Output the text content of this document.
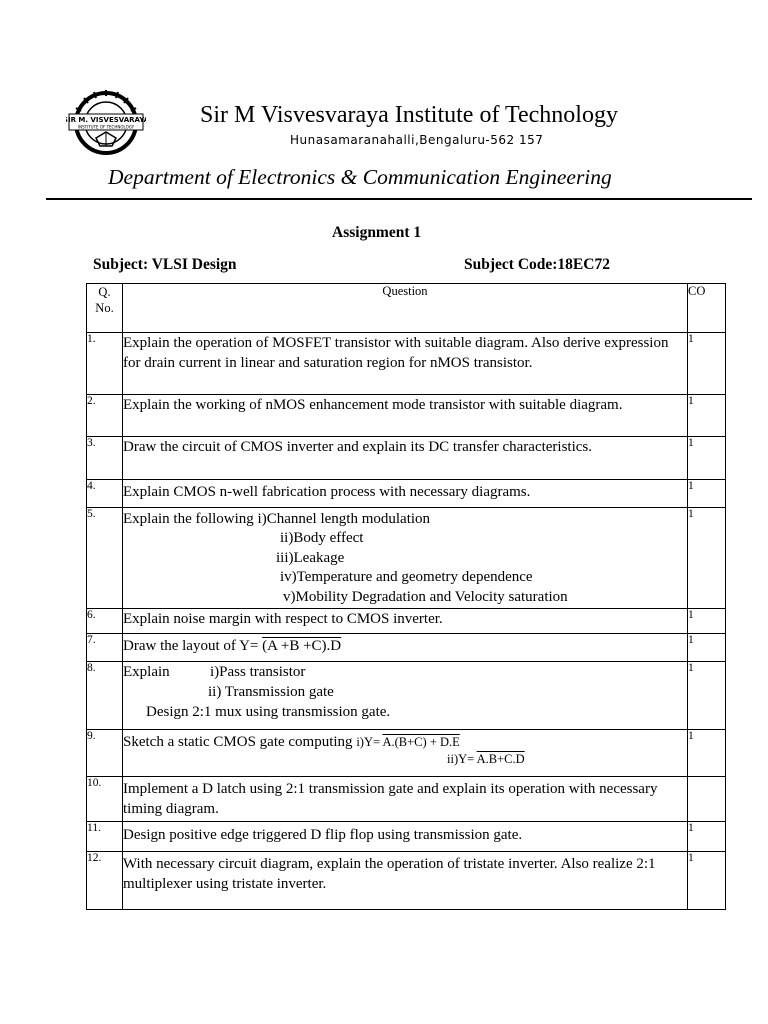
SIR M. VISVESVARAYA
INSTITUTE OF TECHNOLOGY	Sir M Visvesvaraya Institute of Technology
Hunasamaranahalli,Bengaluru-562 157
Department of Electronics & Communication Engineering
Assignment 1
Subject: VLSI Design	Subject Code:18EC72
Q. No.	Question	CO
1.	Explain the operation of MOSFET transistor with suitable diagram. Also derive expression for drain current in linear and saturation region for nMOS transistor.	1
2.	Explain the working of nMOS enhancement mode transistor with suitable diagram.	1
3.	Draw the circuit of CMOS inverter and explain its DC transfer characteristics.	1
4.	Explain CMOS n-well fabrication process with necessary diagrams.	1
5.	Explain the following i)Channel length modulation
ii)Body effect
iii)Leakage
iv)Temperature and geometry dependence
v)Mobility Degradation and Velocity saturation	1
6.	Explain noise margin with respect to CMOS inverter.	1
7.	Draw the layout of Y= (A +B +C).D	1
8.	Explain i)Pass transistor
ii) Transmission gate
Design 2:1 mux using transmission gate.	1
9.	Sketch a static CMOS gate computing i)Y= A.(B+C) + D.E
ii)Y= A.B+C.D	1
10.	Implement a D latch using 2:1 transmission gate and explain its operation with necessary timing diagram.	
11.	Design positive edge triggered D flip flop using transmission gate.	1
12.	With necessary circuit diagram, explain the operation of tristate inverter. Also realize 2:1 multiplexer using tristate inverter.	1
